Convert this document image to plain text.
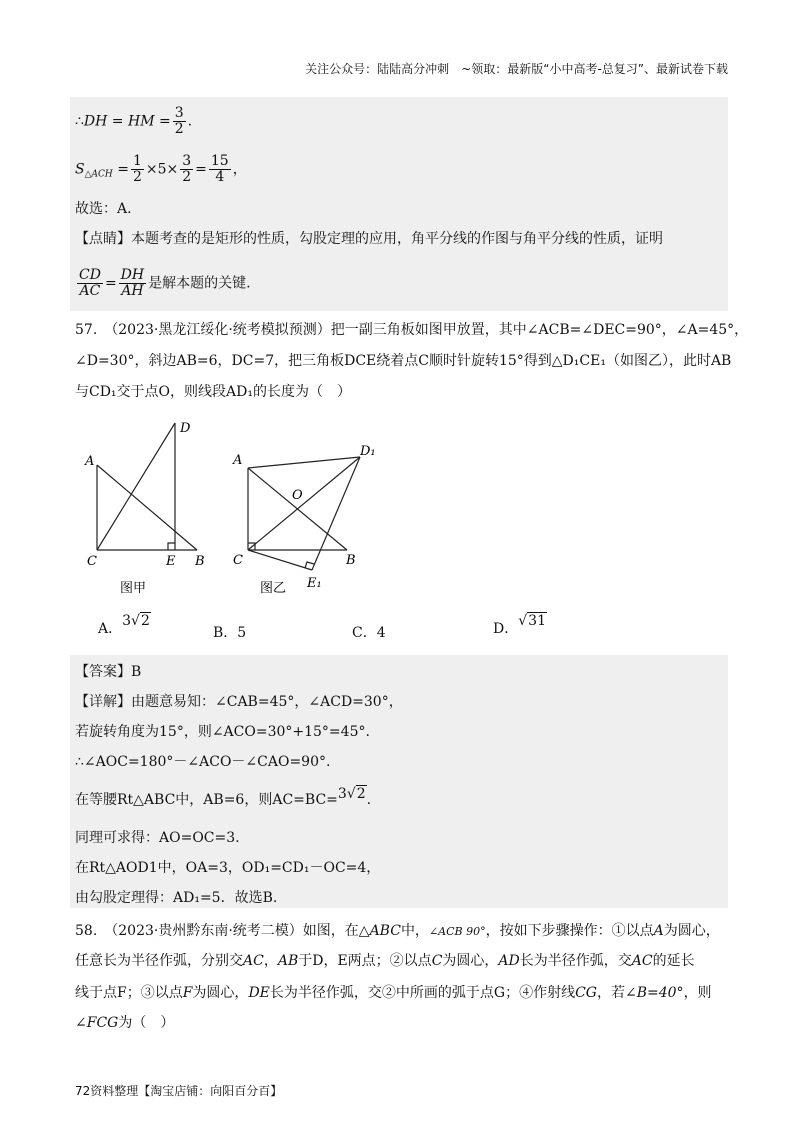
关注公众号：陆陆高分冲刺　~领取：最新版“小中高考-总复习”、最新试卷下载
∴DH = HM = $\frac{3}{2}$ .
$S_{\triangle ACH} = \frac{1}{2} \times 5\times \frac{3}{2} = \frac{15}{4}$ ，
故选：A.
【点睛】本题考查的是矩形的性质，勾股定理的应用，角平分线的作图与角平分线的性质，证明
$\frac{CD}{AC} = \frac{DH}{AH}$ 是解本题的关键.
57.　（2023·黑龙江绥化·统考模拟预测）把一副三角板如图甲放置，其中∠ACB=∠DEC=90°，∠A=45°，
∠D=30°，斜边AB=6，DC=7，把三角板DCE绕着点C顺时针旋转15°得到△D₁CE₁（如图乙），此时AB
与CD₁交于点O，则线段AD₁的长度为（　）
A
D
C	E B
图甲
A
D₁
O
C	B
E₁
图乙
A．3√2
B．5	C．4	D．√31
【答案】B
【详解】由题意易知：∠CAB=45°，∠ACD=30°，
若旋转角度为15°，则∠ACO=30°+15°=45°.
∴∠AOC=180°－∠ACO－∠CAO=90°.
在等腰Rt△ABC中，AB=6，则AC=BC=3√2.
同理可求得：AO=OC=3.
在Rt△AOD1中，OA=3，OD₁=CD₁－OC=4，
由勾股定理得：AD₁=5．故选B.
58.　（2023·贵州黔东南·统考二模）如图，在△ABC中，∠ACB 90°，按如下步骤操作：①以点A为圆心，
任意长为半径作弧，分别交AC，AB于D，E两点；②以点C为圆心，AD长为半径作弧，交AC的延长
线于点F；③以点F为圆心，DE长为半径作弧，交②中所画的弧于点G；④作射线CG，若∠B=40°，则
∠FCG为（　）
72资料整理【淘宝店铺：向阳百分百】
